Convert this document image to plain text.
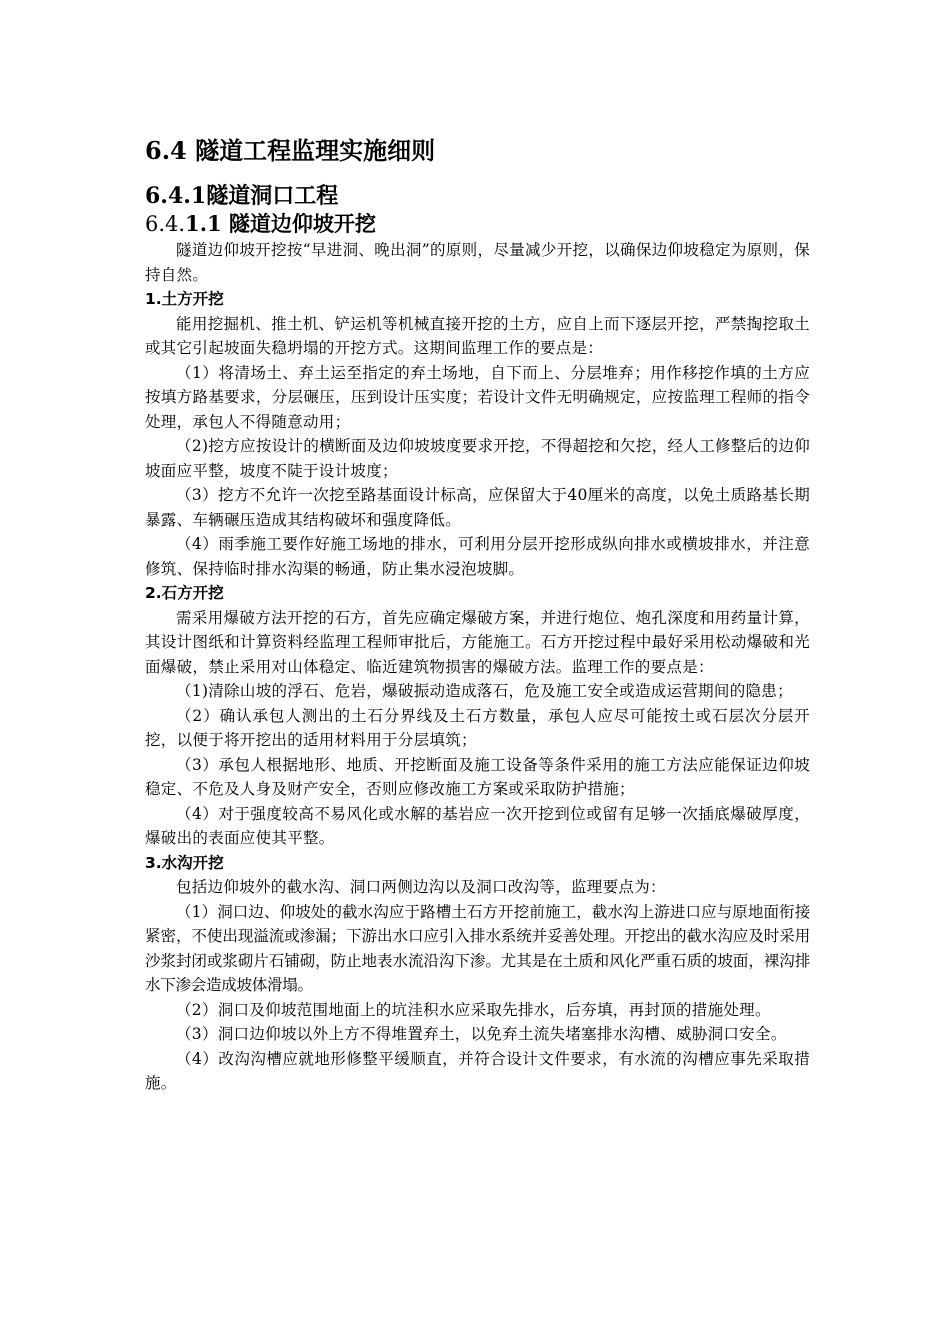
6.4 隧道工程监理实施细则
6.4.1隧道洞口工程
6.4.1.1 隧道边仰坡开挖

隧道边仰坡开挖按“早进洞、晚出洞”的原则，尽量减少开挖，以确保边仰坡稳定为原则，保持自然。

1.土方开挖

能用挖掘机、推土机、铲运机等机械直接开挖的土方，应自上而下逐层开挖，严禁掏挖取土或其它引起坡面失稳坍塌的开挖方式。这期间监理工作的要点是：

（1）将清场土、弃土运至指定的弃土场地，自下而上、分层堆弃；用作移挖作填的土方应按填方路基要求，分层碾压，压到设计压实度；若设计文件无明确规定，应按监理工程师的指令处理，承包人不得随意动用；

（2)挖方应按设计的横断面及边仰坡坡度要求开挖，不得超挖和欠挖，经人工修整后的边仰坡面应平整，坡度不陡于设计坡度；

（3）挖方不允许一次挖至路基面设计标高，应保留大于40厘米的高度，以免土质路基长期暴露、车辆碾压造成其结构破坏和强度降低。

（4）雨季施工要作好施工场地的排水，可利用分层开挖形成纵向排水或横坡排水，并注意修筑、保持临时排水沟渠的畅通，防止集水浸泡坡脚。

2.石方开挖

需采用爆破方法开挖的石方，首先应确定爆破方案，并进行炮位、炮孔深度和用药量计算，其设计图纸和计算资料经监理工程师审批后，方能施工。石方开挖过程中最好采用松动爆破和光面爆破，禁止采用对山体稳定、临近建筑物损害的爆破方法。监理工作的要点是：

（1)清除山坡的浮石、危岩，爆破振动造成落石，危及施工安全或造成运营期间的隐患；

（2）确认承包人测出的土石分界线及土石方数量，承包人应尽可能按土或石层次分层开挖，以便于将开挖出的适用材料用于分层填筑；

（3）承包人根据地形、地质、开挖断面及施工设备等条件采用的施工方法应能保证边仰坡稳定、不危及人身及财产安全，否则应修改施工方案或采取防护措施；

（4）对于强度较高不易风化或水解的基岩应一次开挖到位或留有足够一次插底爆破厚度，爆破出的表面应使其平整。

3.水沟开挖

包括边仰坡外的截水沟、洞口两侧边沟以及洞口改沟等，监理要点为：

（1）洞口边、仰坡处的截水沟应于路槽土石方开挖前施工，截水沟上游进口应与原地面衔接紧密，不使出现溢流或渗漏；下游出水口应引入排水系统并妥善处理。开挖出的截水沟应及时采用沙浆封闭或浆砌片石铺砌，防止地表水流沿沟下渗。尤其是在土质和风化严重石质的坡面，裸沟排水下渗会造成坡体滑塌。

（2）洞口及仰坡范围地面上的坑洼积水应采取先排水，后夯填，再封顶的措施处理。

（3）洞口边仰坡以外上方不得堆置弃土，以免弃土流失堵塞排水沟槽、威胁洞口安全。

（4）改沟沟槽应就地形修整平缓顺直，并符合设计文件要求，有水流的沟槽应事先采取措施。
